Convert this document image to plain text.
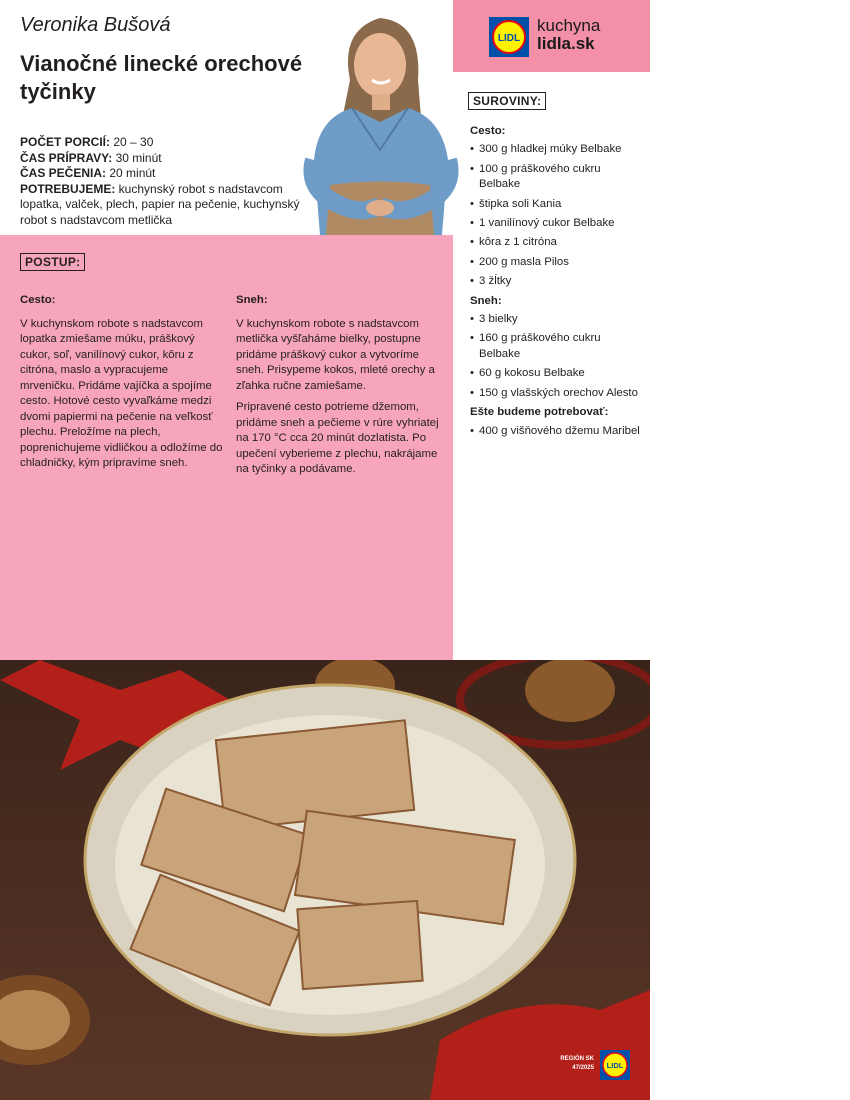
Veronika Bušová
Vianočné linecké orechové tyčinky
POČET PORCIÍ: 20 – 30
ČAS PRÍPRAVY: 30 minút
ČAS PEČENIA: 20 minút
POTREBUJEME: kuchynský robot s nadstavcom lopatka, valček, plech, papier na pečenie, kuchynský robot s nadstavcom metlička
LIDL
kuchyna
lidla.sk
POSTUP:
Cesto:

V kuchynskom robote s nadstavcom lopatka zmiešame múku, práškový cukor, soľ, vanilínový cukor, kôru z citróna, maslo a vypracujeme mrveničku. Pridáme vajíčka a spojíme cesto. Hotové cesto vyvaľkáme medzi dvomi papiermi na pečenie na veľkosť plechu. Preložíme na plech, popreпichujeme vidličkou a odložíme do chladničky, kým pripravíme sneh.

Sneh:

V kuchynskom robote s nadstavcom metlička vyšľaháme bielky, postupne pridáme práškový cukor a vytvoríme sneh. Prisypeme kokos, mleté orechy a zľahka ručne zamiešame.

Pripravené cesto potrieme džemom, pridáme sneh a pečieme v rúre vyhriatej na 170 °C cca 20 minút dozlatista. Po upečení vyberieme z plechu, nakrájame na tyčinky a podávame.

SUROVINY:
Cesto:
• 300 g hladkej múky Belbake
• 100 g práškového cukru Belbake
• štipka soli Kania
• 1 vanilínový cukor Belbake
• kôra z 1 citróna
• 200 g masla Pilos
• 3 žĺtky
Sneh:
• 3 bielky
• 160 g práškového cukru Belbake
• 60 g kokosu Belbake
• 150 g vlašských orechov Alesto
Ešte budeme potrebovať:
• 400 g višňového džemu Maribel
REGIÓN SK
47/2025 LIDL
